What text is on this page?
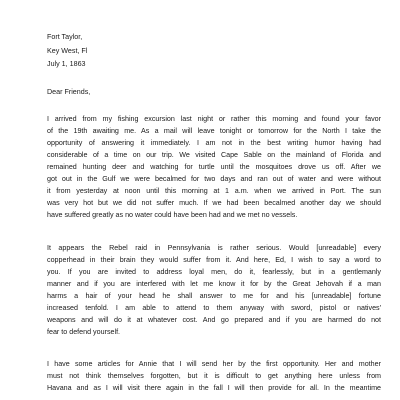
Fort Taylor,
Key West, Fl
July 1, 1863
Dear Friends,
I arrived from my fishing excursion last night or rather this morning and found your favor
of the 19th awaiting me. As a mail will leave tonight or tomorrow for the North I take the
opportunity of answering it immediately. I am not in the best writing humor having had
considerable of a time on our trip. We visited Cape Sable on the mainland of Florida and
remained hunting deer and watching for turtle until the mosquitoes drove us off. After we
got out in the Gulf we were becalmed for two days and ran out of water and were without
it from yesterday at noon until this morning at 1 a.m. when we arrived in Port. The sun
was very hot but we did not suffer much. If we had been becalmed another day we should
have suffered greatly as no water could have been had and we met no vessels.
It appears the Rebel raid in Pennsylvania is rather serious. Would [unreadable] every
copperhead in their brain they would suffer from it. And here, Ed, I wish to say a word to
you. If you are invited to address loyal men, do it, fearlessly, but in a gentlemanly
manner and if you are interfered with let me know it for by the Great Jehovah if a man
harms a hair of your head he shall answer to me for and his [unreadable] fortune
increased tenfold. I am able to attend to them anyway with sword, pistol or natives'
weapons and will do it at whatever cost. And go prepared and if you are harmed do not
fear to defend yourself.
I have some articles for Annie that I will send her by the first opportunity. Her and mother
must not think themselves forgotten, but it is difficult to get anything here unless from
Havana and as I will visit there again in the fall I will then provide for all. In the meantime
